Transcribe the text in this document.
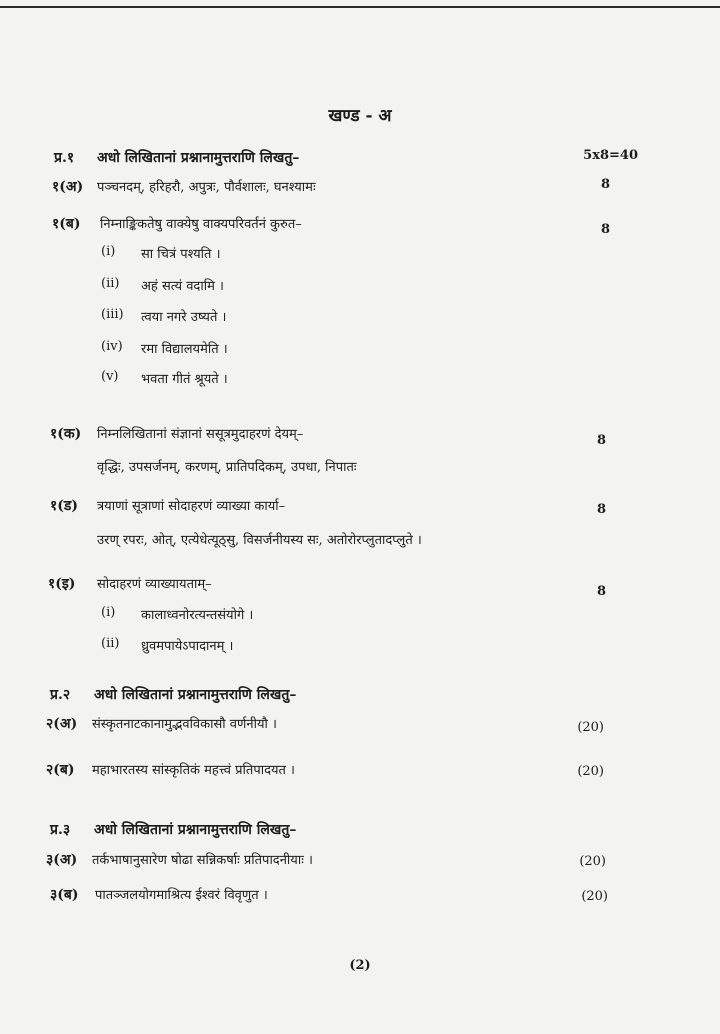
खण्ड - अ
प्र.१ अधो लिखितानां प्रश्नानामुत्तराणि लिखतु–	5x8=40
१(अ) पञ्चनदम्, हरिहरौ, अपुत्रः, पौर्वशालः, घनश्यामः	8
१(ब) निम्नाङ्किकतेषु वाक्येषु वाक्यपरिवर्तनं कुरुत–	8
(i) सा चित्रं पश्यति ।
(ii) अहं सत्यं वदामि ।
(iii) त्वया नगरे उष्यते ।
(iv) रमा विद्यालयमेति ।
(v) भवता गीतं श्रूयते ।
१(क) निम्नलिखितानां संज्ञानां ससूत्रमुदाहरणं देयम्–	8
वृद्धिः, उपसर्जनम्, करणम्, प्रातिपदिकम्, उपधा, निपातः
१(ड) त्रयाणां सूत्राणां सोदाहरणं व्याख्या कार्या–	8
उरण् रपरः, ओत्, एत्येधेत्यूठ्सु, विसर्जनीयस्य सः, अतोरोरप्लुतादप्लुते ।
१(इ) सोदाहरणं व्याख्यायताम्–	8
(i) कालाध्वनोरत्यन्तसंयोगे ।
(ii) ध्रुवमपायेऽपादानम् ।
प्र.२ अधो लिखितानां प्रश्नानामुत्तराणि लिखतु–
२(अ) संस्कृतनाटकानामुद्भवविकासौ वर्णनीयौ ।	(20)
२(ब) महाभारतस्य सांस्कृतिकं महत्त्वं प्रतिपादयत ।	(20)
प्र.३ अधो लिखितानां प्रश्नानामुत्तराणि लिखतु–
३(अ) तर्कभाषानुसारेण षोढा सन्निकर्षाः प्रतिपादनीयाः ।	(20)
३(ब) पातञ्जलयोगमाश्रित्य ईश्वरं विवृणुत ।	(20)
(2)
